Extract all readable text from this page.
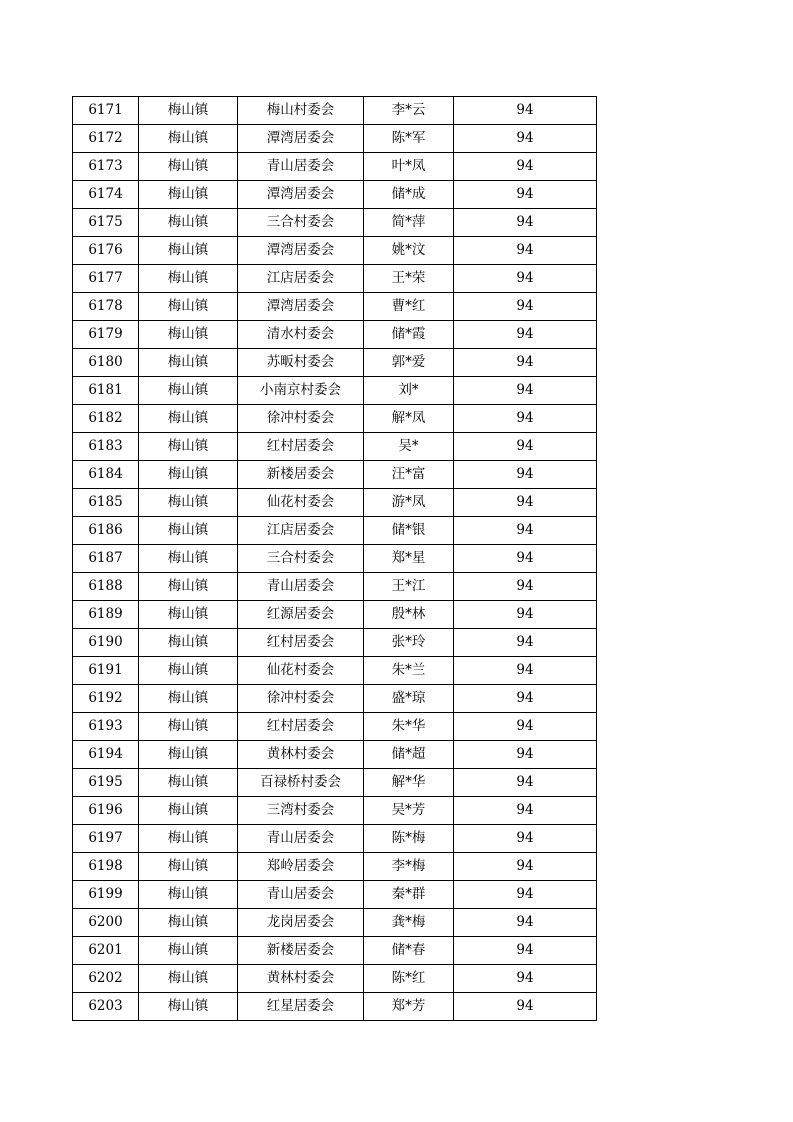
6171	梅山镇	梅山村委会	李*云	94
6172	梅山镇	潭湾居委会	陈*军	94
6173	梅山镇	青山居委会	叶*凤	94
6174	梅山镇	潭湾居委会	储*成	94
6175	梅山镇	三合村委会	简*萍	94
6176	梅山镇	潭湾居委会	姚*汶	94
6177	梅山镇	江店居委会	王*荣	94
6178	梅山镇	潭湾居委会	曹*红	94
6179	梅山镇	清水村委会	储*霞	94
6180	梅山镇	苏畈村委会	郭*爱	94
6181	梅山镇	小南京村委会	刘*	94
6182	梅山镇	徐冲村委会	解*凤	94
6183	梅山镇	红村居委会	吴*	94
6184	梅山镇	新楼居委会	汪*富	94
6185	梅山镇	仙花村委会	游*凤	94
6186	梅山镇	江店居委会	储*银	94
6187	梅山镇	三合村委会	郑*星	94
6188	梅山镇	青山居委会	王*江	94
6189	梅山镇	红源居委会	殷*林	94
6190	梅山镇	红村居委会	张*玲	94
6191	梅山镇	仙花村委会	朱*兰	94
6192	梅山镇	徐冲村委会	盛*琼	94
6193	梅山镇	红村居委会	朱*华	94
6194	梅山镇	黄林村委会	储*超	94
6195	梅山镇	百禄桥村委会	解*华	94
6196	梅山镇	三湾村委会	吴*芳	94
6197	梅山镇	青山居委会	陈*梅	94
6198	梅山镇	郑岭居委会	李*梅	94
6199	梅山镇	青山居委会	秦*群	94
6200	梅山镇	龙岗居委会	龚*梅	94
6201	梅山镇	新楼居委会	储*春	94
6202	梅山镇	黄林村委会	陈*红	94
6203	梅山镇	红星居委会	郑*芳	94
